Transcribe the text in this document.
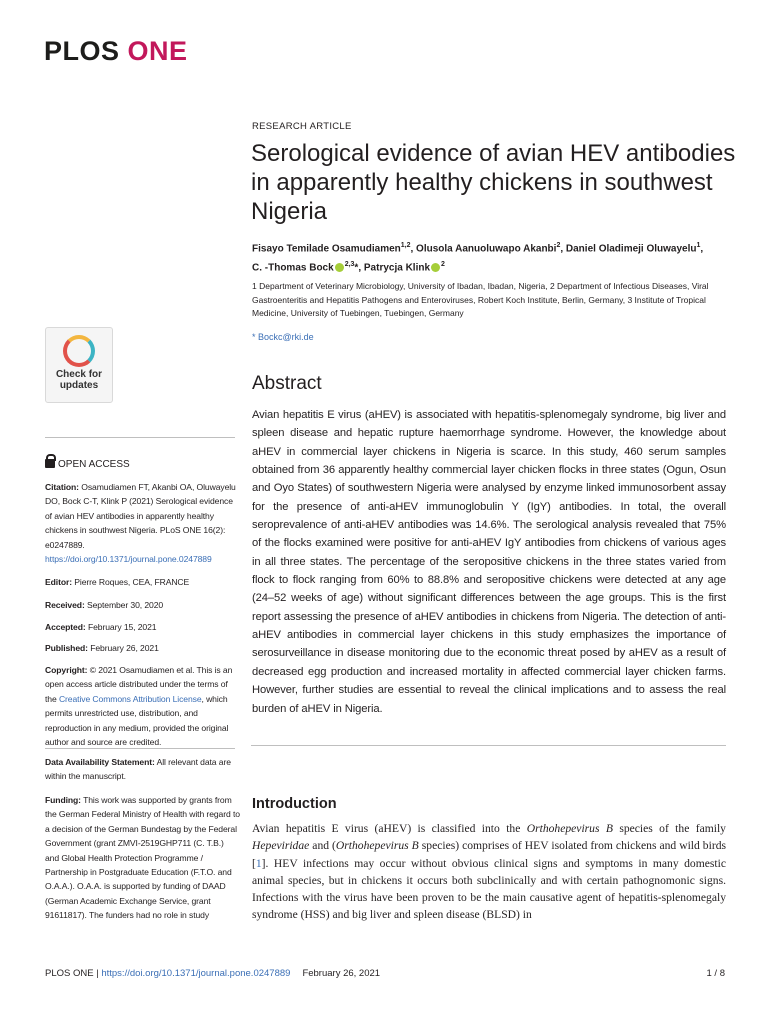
PLOS ONE
RESEARCH ARTICLE
Serological evidence of avian HEV antibodies in apparently healthy chickens in southwest Nigeria
Fisayo Temilade Osamudiamen$^{1,2}$, Olusola Aanuoluwapo Akanbi$^2$, Daniel Oladimeji Oluwayelu$^1$, C. -Thomas Bock $^{2,3}$*, Patrycja Klink $^2$
1 Department of Veterinary Microbiology, University of Ibadan, Ibadan, Nigeria, 2 Department of Infectious Diseases, Viral Gastroenteritis and Hepatitis Pathogens and Enteroviruses, Robert Koch Institute, Berlin, Germany, 3 Institute of Tropical Medicine, University of Tuebingen, Tuebingen, Germany
* Bockc@rki.de
Check for
updates
OPEN ACCESS
Citation: Osamudiamen FT, Akanbi OA, Oluwayelu DO, Bock C-T, Klink P (2021) Serological evidence of avian HEV antibodies in apparently healthy chickens in southwest Nigeria. PLoS ONE 16(2): e0247889. https://doi.org/10.1371/journal.pone.0247889
Editor: Pierre Roques, CEA, FRANCE
Received: September 30, 2020
Accepted: February 15, 2021
Published: February 26, 2021
Copyright: © 2021 Osamudiamen et al. This is an open access article distributed under the terms of the Creative Commons Attribution License, which permits unrestricted use, distribution, and reproduction in any medium, provided the original author and source are credited.
Data Availability Statement: All relevant data are within the manuscript.
Funding: This work was supported by grants from the German Federal Ministry of Health with regard to a decision of the German Bundestag by the Federal Government (grant ZMVI-2519GHP711 (C. T.B.) and Global Health Protection Programme / Partnership in Postgraduate Education (F.T.O. and O.A.A.). O.A.A. is supported by funding of DAAD (German Academic Exchange Service, grant 91611817). The funders had no role in study
Abstract
Avian hepatitis E virus (aHEV) is associated with hepatitis-splenomegaly syndrome, big liver and spleen disease and hepatic rupture haemorrhage syndrome. However, the knowledge about aHEV in commercial layer chickens in Nigeria is scarce. In this study, 460 serum samples obtained from 36 apparently healthy commercial layer chicken flocks in three states (Ogun, Osun and Oyo States) of southwestern Nigeria were analysed by enzyme linked immunosorbent assay for the presence of anti-aHEV immunoglobulin Y (IgY) antibodies. In total, the overall seroprevalence of anti-aHEV antibodies was 14.6%. The serological analysis revealed that 75% of the flocks examined were positive for anti-aHEV IgY antibodies from chickens of various ages in all three states. The percentage of the seropositive chickens in the three states varied from flock to flock ranging from 60% to 88.8% and seropositive chickens were detected at any age (24–52 weeks of age) without significant differences between the age groups. This is the first report assessing the presence of aHEV antibodies in chickens from Nigeria. The detection of anti-aHEV antibodies in commercial layer chickens in this study emphasizes the importance of serosurveillance in disease monitoring due to the economic threat posed by aHEV as a result of decreased egg production and increased mortality in affected commercial layer chicken farms. However, further studies are essential to reveal the clinical implications and to assess the real burden of aHEV in Nigeria.
Introduction
Avian hepatitis E virus (aHEV) is classified into the Orthohepevirus B species of the family Hepeviridae and (Orthohepevirus B species) comprises of HEV isolated from chickens and wild birds [1]. HEV infections may occur without obvious clinical signs and symptoms in many domestic animal species, but in chickens it occurs both subclinically and with certain pathognomonic signs. Infections with the virus have been proven to be the main causative agent of hepatitis-splenomegaly syndrome (HSS) and big liver and spleen disease (BLSD) in
PLOS ONE | https://doi.org/10.1371/journal.pone.0247889 February 26, 2021	1 / 8
